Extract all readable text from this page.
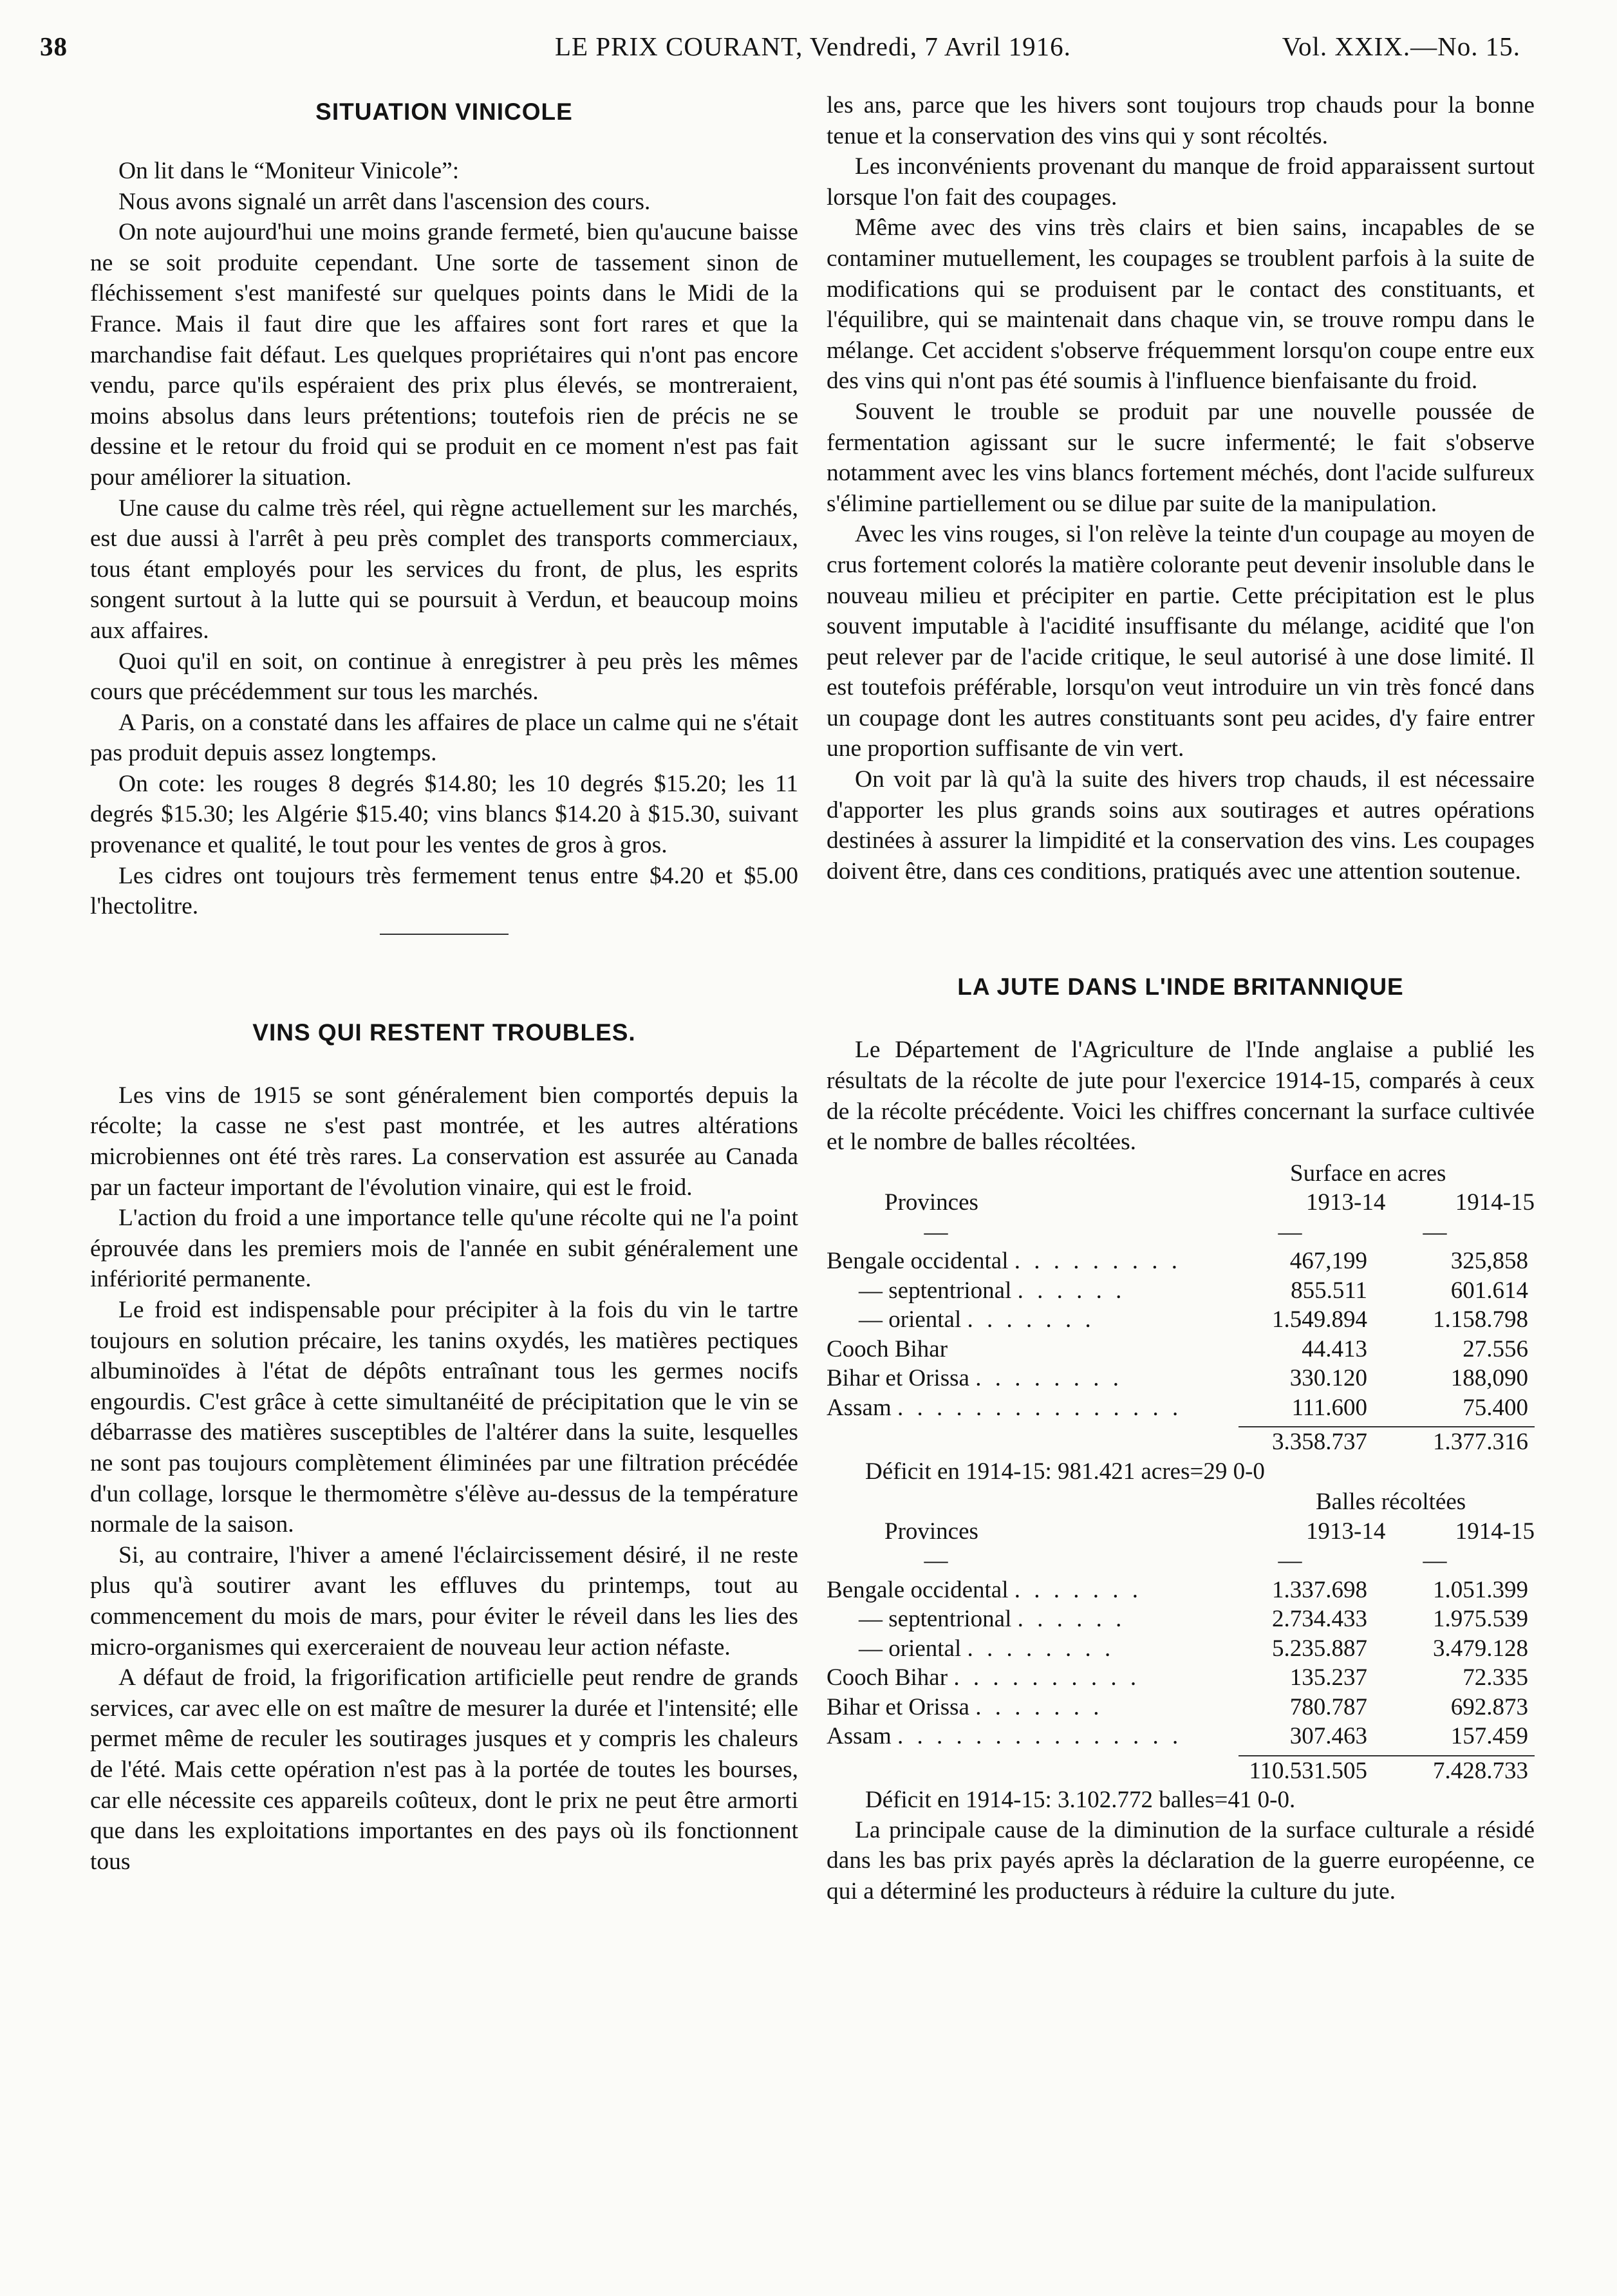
38	LE PRIX COURANT, Vendredi, 7 Avril 1916.	Vol. XXIX.—No. 15.
SITUATION VINICOLE

On lit dans le “Moniteur Vinicole”:

Nous avons signalé un arrêt dans l'ascension des cours.

On note aujourd'hui une moins grande fermeté, bien qu'aucune baisse ne se soit produite cependant. Une sorte de tassement sinon de fléchissement s'est manifesté sur quelques points dans le Midi de la France. Mais il faut dire que les affaires sont fort rares et que la marchandise fait défaut. Les quelques propriétaires qui n'ont pas encore vendu, parce qu'ils espéraient des prix plus élevés, se montreraient, moins absolus dans leurs prétentions; toutefois rien de précis ne se dessine et le retour du froid qui se produit en ce moment n'est pas fait pour améliorer la situation.

Une cause du calme très réel, qui règne actuellement sur les marchés, est due aussi à l'arrêt à peu près complet des transports commerciaux, tous étant employés pour les services du front, de plus, les esprits songent surtout à la lutte qui se poursuit à Verdun, et beaucoup moins aux affaires.

Quoi qu'il en soit, on continue à enregistrer à peu près les mêmes cours que précédemment sur tous les marchés.

A Paris, on a constaté dans les affaires de place un calme qui ne s'était pas produit depuis assez longtemps.

On cote: les rouges 8 degrés $14.80; les 10 degrés $15.20; les 11 degrés $15.30; les Algérie $15.40; vins blancs $14.20 à $15.30, suivant provenance et qualité, le tout pour les ventes de gros à gros.

Les cidres ont toujours très fermement tenus entre $4.20 et $5.00 l'hectolitre.

VINS QUI RESTENT TROUBLES.

Les vins de 1915 se sont généralement bien comportés depuis la récolte; la casse ne s'est past montrée, et les autres altérations microbiennes ont été très rares. La conservation est assurée au Canada par un facteur important de l'évolution vinaire, qui est le froid.

L'action du froid a une importance telle qu'une récolte qui ne l'a point éprouvée dans les premiers mois de l'année en subit généralement une infériorité permanente.

Le froid est indispensable pour précipiter à la fois du vin le tartre toujours en solution précaire, les tanins oxydés, les matières pectiques albuminoïdes à l'état de dépôts entraînant tous les germes nocifs engourdis. C'est grâce à cette simultanéité de précipitation que le vin se débarrasse des matières susceptibles de l'altérer dans la suite, lesquelles ne sont pas toujours complètement éliminées par une filtration précédée d'un collage, lorsque le thermomètre s'élève au-dessus de la température normale de la saison.

Si, au contraire, l'hiver a amené l'éclaircissement désiré, il ne reste plus qu'à soutirer avant les effluves du printemps, tout au commencement du mois de mars, pour éviter le réveil dans les lies des micro-organismes qui exerceraient de nouveau leur action néfaste.

A défaut de froid, la frigorification artificielle peut rendre de grands services, car avec elle on est maître de mesurer la durée et l'intensité; elle permet même de reculer les soutirages jusques et y compris les chaleurs de l'été. Mais cette opération n'est pas à la portée de toutes les bourses, car elle nécessite ces appareils coûteux, dont le prix ne peut être armorti que dans les exploitations importantes en des pays où ils fonctionnent tous

les ans, parce que les hivers sont toujours trop chauds pour la bonne tenue et la conservation des vins qui y sont récoltés.

Les inconvénients provenant du manque de froid apparaissent surtout lorsque l'on fait des coupages.

Même avec des vins très clairs et bien sains, incapables de se contaminer mutuellement, les coupages se troublent parfois à la suite de modifications qui se produisent par le contact des constituants, et l'équilibre, qui se maintenait dans chaque vin, se trouve rompu dans le mélange. Cet accident s'observe fréquemment lorsqu'on coupe entre eux des vins qui n'ont pas été soumis à l'influence bienfaisante du froid.

Souvent le trouble se produit par une nouvelle poussée de fermentation agissant sur le sucre infermenté; le fait s'observe notamment avec les vins blancs fortement méchés, dont l'acide sulfureux s'élimine partiellement ou se dilue par suite de la manipulation.

Avec les vins rouges, si l'on relève la teinte d'un coupage au moyen de crus fortement colorés la matière colorante peut devenir insoluble dans le nouveau milieu et précipiter en partie. Cette précipitation est le plus souvent imputable à l'acidité insuffisante du mélange, acidité que l'on peut relever par de l'acide critique, le seul autorisé à une dose limité. Il est toutefois préférable, lorsqu'on veut introduire un vin très foncé dans un coupage dont les autres constituants sont peu acides, d'y faire entrer une proportion suffisante de vin vert.

On voit par là qu'à la suite des hivers trop chauds, il est nécessaire d'apporter les plus grands soins aux soutirages et autres opérations destinées à assurer la limpidité et la conservation des vins. Les coupages doivent être, dans ces conditions, pratiqués avec une attention soutenue.

LA JUTE DANS L'INDE BRITANNIQUE

Le Département de l'Agriculture de l'Inde anglaise a publié les résultats de la récolte de jute pour l'exercice 1914-15, comparés à ceux de la récolte précédente. Voici les chiffres concernant la surface cultivée et le nombre de balles récoltées.

Surface en acres
Provinces	1913-14	1914-15
—	—	—
Bengale occidental . . . . . . . . .	467,199	325,858
— septentrional . . . . . .	855.511	601.614
— oriental . . . . . . .	1.549.894	1.158.798
Cooch Bihar	44.413	27.556
Bihar et Orissa . . . . . . . .	330.120	188,090
Assam . . . . . . . . . . . . . . .	111.600	75.400
3.358.737	1.377.316

Déficit en 1914-15: 981.421 acres=29 0-0

Balles récoltées
Provinces	1913-14	1914-15
—	—	—
Bengale occidental . . . . . . .	1.337.698	1.051.399
— septentrional . . . . . .	2.734.433	1.975.539
— oriental . . . . . . . .	5.235.887	3.479.128
Cooch Bihar . . . . . . . . . .	135.237	72.335
Bihar et Orissa . . . . . . .	780.787	692.873
Assam . . . . . . . . . . . . . . .	307.463	157.459
110.531.505	7.428.733

Déficit en 1914-15: 3.102.772 balles=41 0-0.

La principale cause de la diminution de la surface culturale a résidé dans les bas prix payés après la déclaration de la guerre européenne, ce qui a déterminé les producteurs à réduire la culture du jute.
